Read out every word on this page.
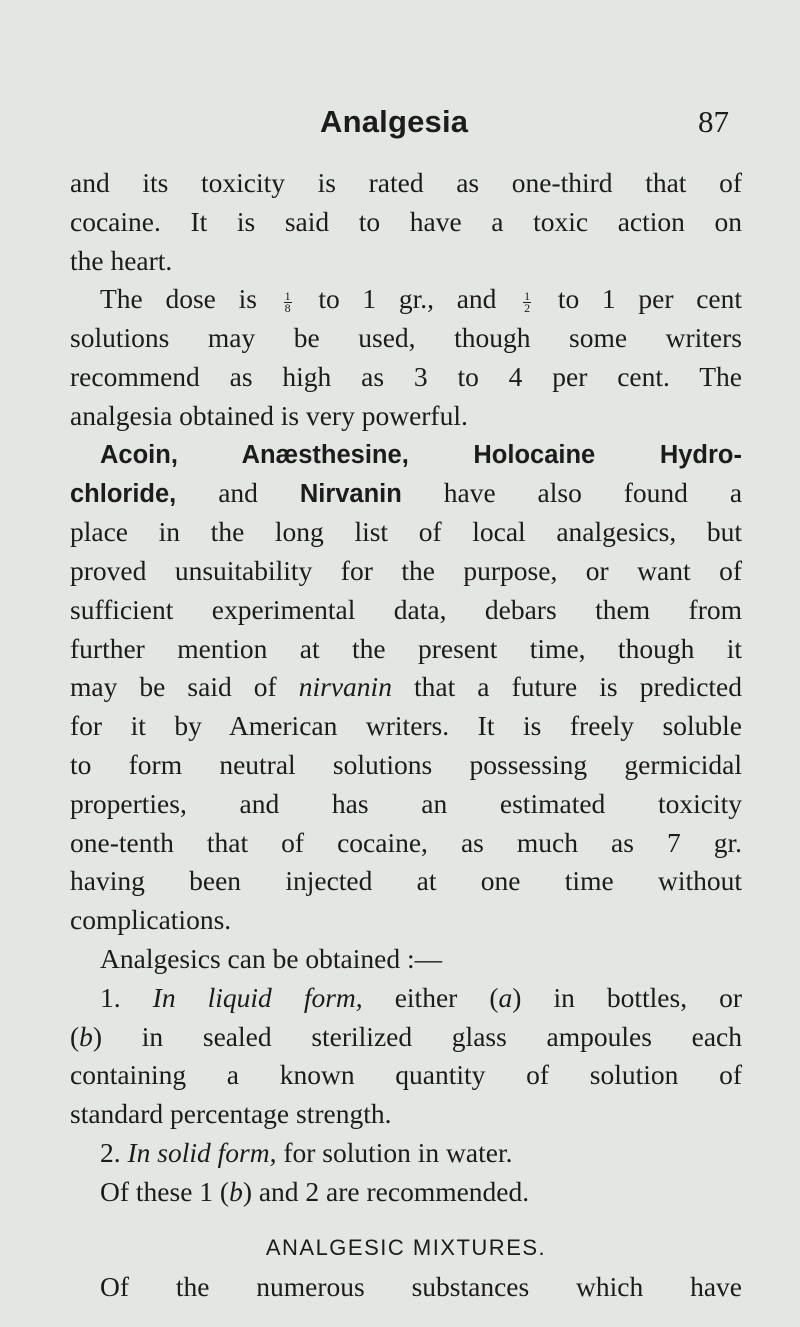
Analgesia	87
and its toxicity is rated as one-third that of
cocaine. It is said to have a toxic action on
the heart.
The dose is $\frac{1}{8}$ to 1 gr., and $\frac{1}{2}$ to 1 per cent
solutions may be used, though some writers
recommend as high as 3 to 4 per cent. The
analgesia obtained is very powerful.
Acoin, Anæsthesine, Holocaine Hydro-
chloride, and Nirvanin have also found a
place in the long list of local analgesics, but
proved unsuitability for the purpose, or want of
sufficient experimental data, debars them from
further mention at the present time, though it
may be said of nirvanin that a future is predicted
for it by American writers. It is freely soluble
to form neutral solutions possessing germicidal
properties, and has an estimated toxicity
one-tenth that of cocaine, as much as 7 gr.
having been injected at one time without
complications.
Analgesics can be obtained :—
1. In liquid form, either (a) in bottles, or
(b) in sealed sterilized glass ampoules each
containing a known quantity of solution of
standard percentage strength.
2. In solid form, for solution in water.
Of these 1 (b) and 2 are recommended.
ANALGESIC MIXTURES.
Of the numerous substances which have
